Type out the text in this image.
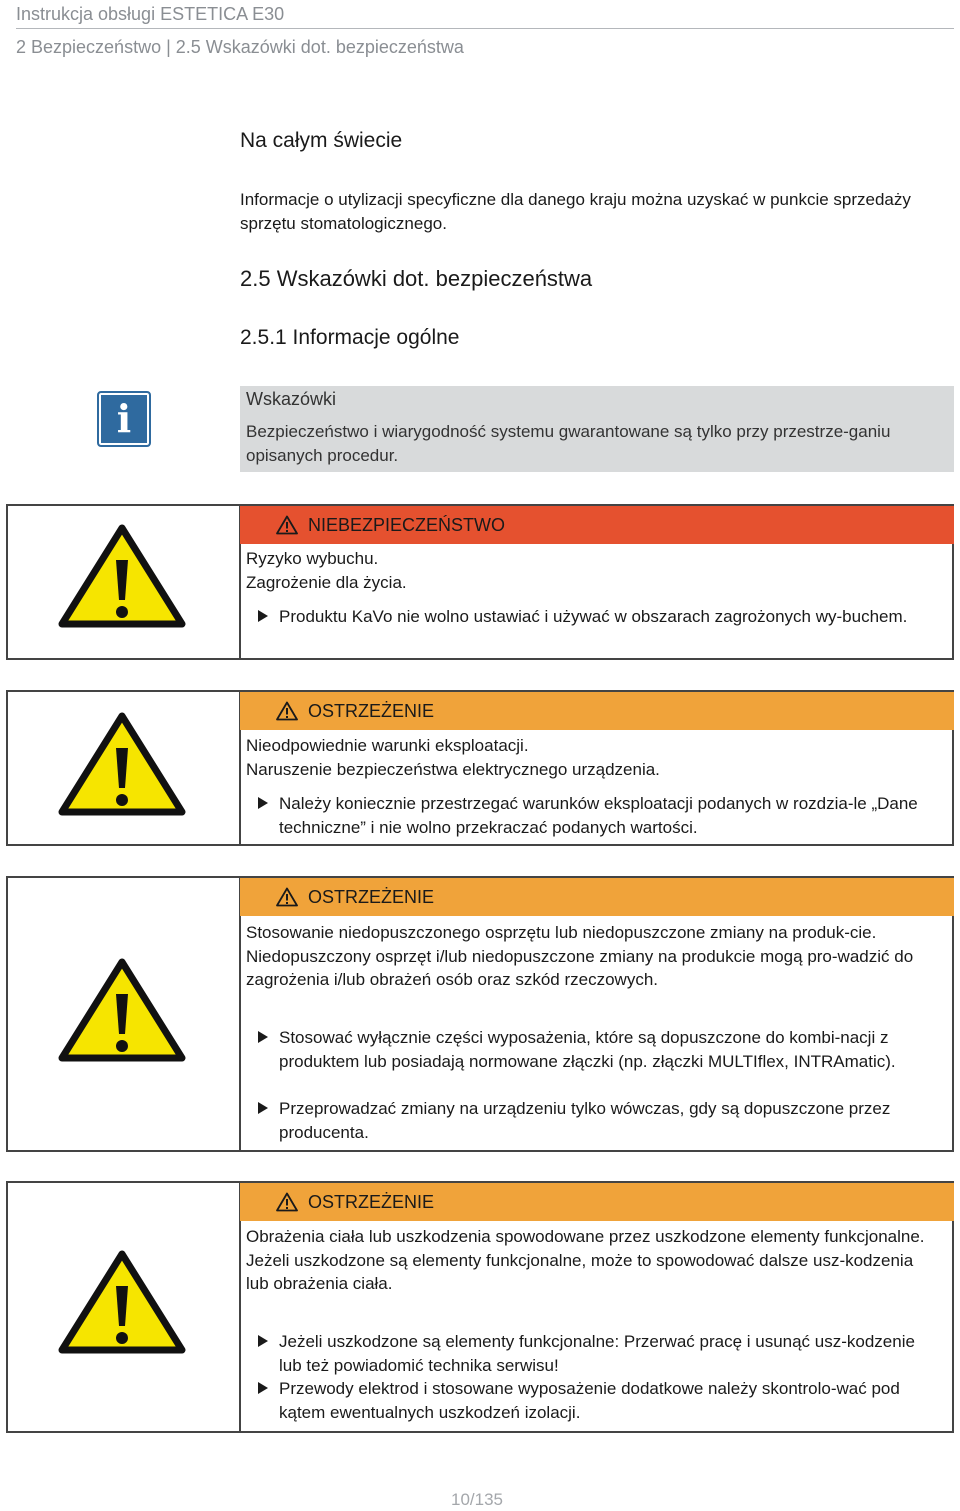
Instrukcja obsługi ESTETICA E30
2 Bezpieczeństwo | 2.5 Wskazówki dot. bezpieczeństwa
Na całym świecie
Informacje o utylizacji specyficzne dla danego kraju można uzyskać w punkcie sprzedaży sprzętu stomatologicznego.
2.5 Wskazówki dot. bezpieczeństwa
2.5.1 Informacje ogólne
i	Wskazówki
Bezpieczeństwo i wiarygodność systemu gwarantowane są tylko przy przestrze-ganiu opisanych procedur.
NIEBEZPIECZEŃSTWO
Ryzyko wybuchu.
Zagrożenie dla życia.
Produktu KaVo nie wolno ustawiać i używać w obszarach zagrożonych wy-buchem.
OSTRZEŻENIE
Nieodpowiednie warunki eksploatacji.
Naruszenie bezpieczeństwa elektrycznego urządzenia.
Należy koniecznie przestrzegać warunków eksploatacji podanych w rozdzia-le „Dane techniczne” i nie wolno przekraczać podanych wartości.
OSTRZEŻENIE
Stosowanie niedopuszczonego osprzętu lub niedopuszczone zmiany na produk-cie.
Niedopuszczony osprzęt i/lub niedopuszczone zmiany na produkcie mogą pro-wadzić do zagrożenia i/lub obrażeń osób oraz szkód rzeczowych.
Stosować wyłącznie części wyposażenia, które są dopuszczone do kombi-nacji z produktem lub posiadają normowane złączki (np. złączki MULTIflex, INTRAmatic).
Przeprowadzać zmiany na urządzeniu tylko wówczas, gdy są dopuszczone przez producenta.
OSTRZEŻENIE
Obrażenia ciała lub uszkodzenia spowodowane przez uszkodzone elementy funkcjonalne.
Jeżeli uszkodzone są elementy funkcjonalne, może to spowodować dalsze usz-kodzenia lub obrażenia ciała.
Jeżeli uszkodzone są elementy funkcjonalne: Przerwać pracę i usunąć usz-kodzenie lub też powiadomić technika serwisu!
Przewody elektrod i stosowane wyposażenie dodatkowe należy skontrolo-wać pod kątem ewentualnych uszkodzeń izolacji.
10/135
